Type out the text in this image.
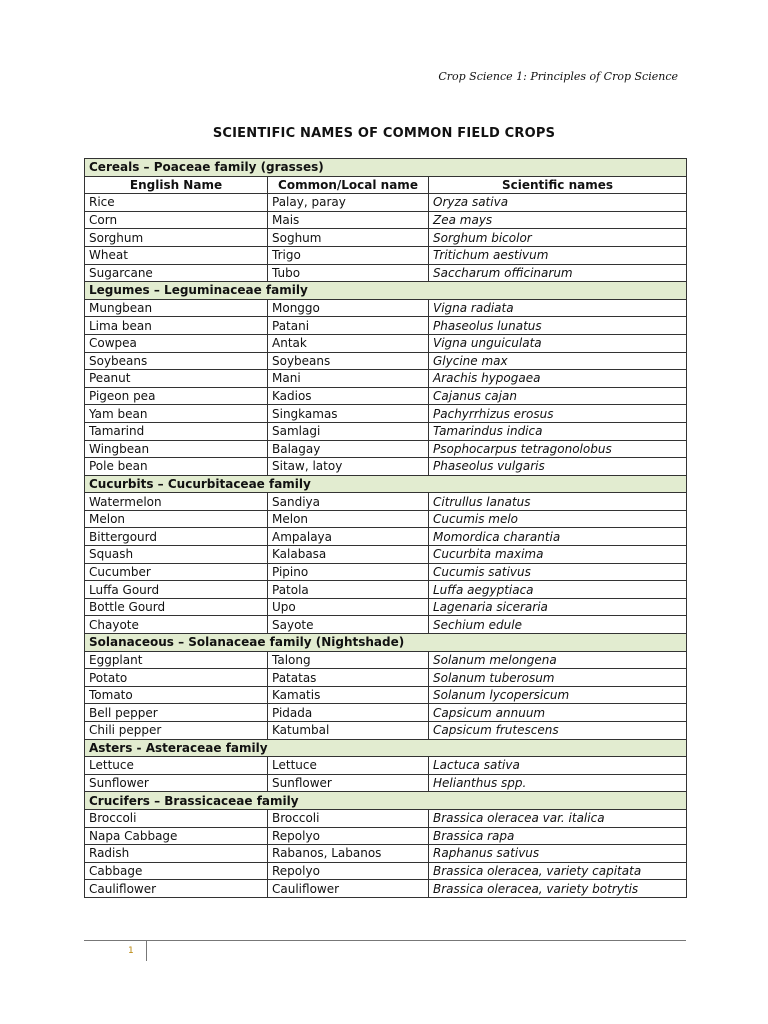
Crop Science 1: Principles of Crop Science
SCIENTIFIC NAMES OF COMMON FIELD CROPS
Cereals – Poaceae family (grasses)		
English Name	Common/Local name	Scientific names
Rice	Palay, paray	Oryza sativa
Corn	Mais	Zea mays
Sorghum	Soghum	Sorghum bicolor
Wheat	Trigo	Tritichum aestivum
Sugarcane	Tubo	Saccharum officinarum
Legumes – Leguminaceae family		
Mungbean	Monggo	Vigna radiata
Lima bean	Patani	Phaseolus lunatus
Cowpea	Antak	Vigna unguiculata
Soybeans	Soybeans	Glycine max
Peanut	Mani	Arachis hypogaea
Pigeon pea	Kadios	Cajanus cajan
Yam bean	Singkamas	Pachyrrhizus erosus
Tamarind	Samlagi	Tamarindus indica
Wingbean	Balagay	Psophocarpus tetragonolobus
Pole bean	Sitaw, latoy	Phaseolus vulgaris
Cucurbits – Cucurbitaceae family		
Watermelon	Sandiya	Citrullus lanatus
Melon	Melon	Cucumis melo
Bittergourd	Ampalaya	Momordica charantia
Squash	Kalabasa	Cucurbita maxima
Cucumber	Pipino	Cucumis sativus
Luffa Gourd	Patola	Luffa aegyptiaca
Bottle Gourd	Upo	Lagenaria siceraria
Chayote	Sayote	Sechium edule
Solanaceous – Solanaceae family (Nightshade)		
Eggplant	Talong	Solanum melongena
Potato	Patatas	Solanum tuberosum
Tomato	Kamatis	Solanum lycopersicum
Bell pepper	Pidada	Capsicum annuum
Chili pepper	Katumbal	Capsicum frutescens
Asters - Asteraceae family		
Lettuce	Lettuce	Lactuca sativa
Sunflower	Sunflower	Helianthus spp.
Crucifers – Brassicaceae family		
Broccoli	Broccoli	Brassica oleracea var. italica
Napa Cabbage	Repolyo	Brassica rapa
Radish	Rabanos, Labanos	Raphanus sativus
Cabbage	Repolyo	Brassica oleracea, variety capitata
Cauliflower	Cauliflower	Brassica oleracea, variety botrytis
1
